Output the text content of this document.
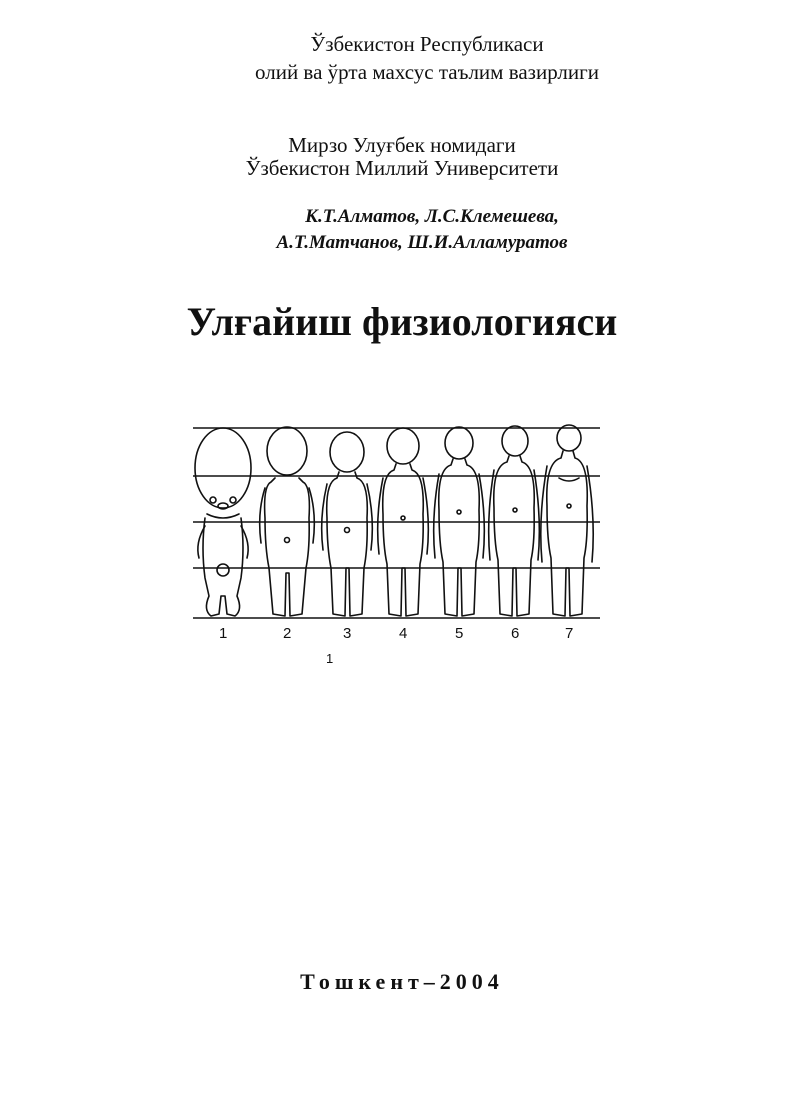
Ўзбекистон Республикаси
олий ва ўрта махсус таълим вазирлиги
Мирзо Улуғбек номидаги
Ўзбекистон Миллий Университети
К.Т.Алматов, Л.С.Клемешева,
А.Т.Матчанов, Ш.И.Алламуратов
Улғайиш физиологияси
1	2	3	4	5	6	7
1
Тошкент–2004
